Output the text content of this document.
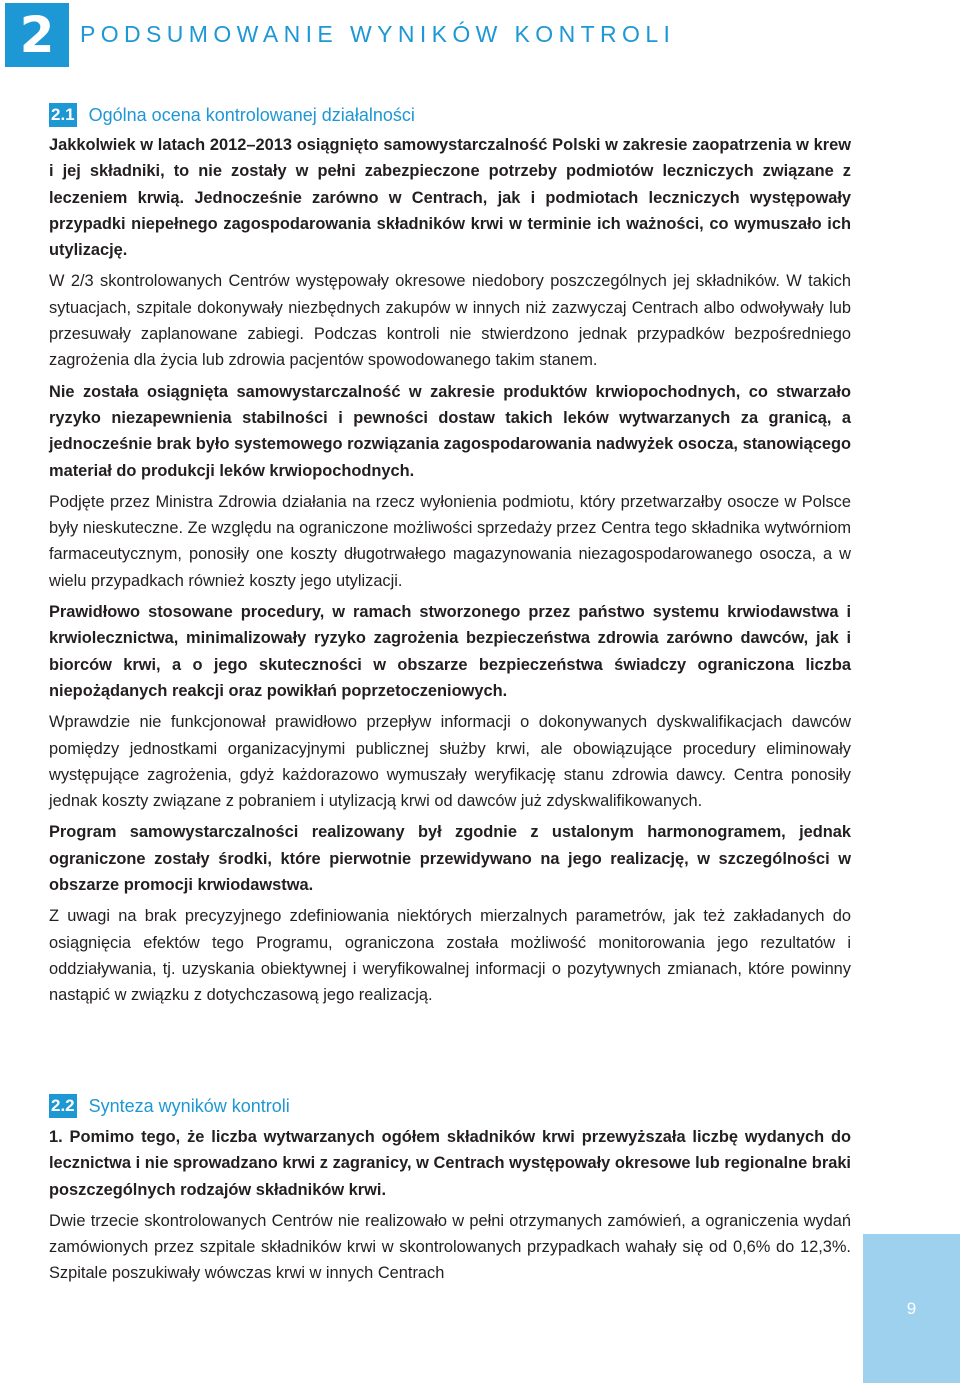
2	PODSUMOWANIE WYNIKÓW KONTROLI
2.1 Ogólna ocena kontrolowanej działalności

Jakkolwiek w latach 2012–2013 osiągnięto samowystarczalność Polski w zakresie zaopatrzenia w krew i jej składniki, to nie zostały w pełni zabezpieczone potrzeby podmiotów leczniczych związane z leczeniem krwią. Jednocześnie zarówno w Centrach, jak i podmiotach leczniczych występowały przypadki niepełnego zagospodarowania składników krwi w terminie ich ważności, co wymuszało ich utylizację.

W 2/3 skontrolowanych Centrów występowały okresowe niedobory poszczególnych jej składników. W takich sytuacjach, szpitale dokonywały niezbędnych zakupów w innych niż zazwyczaj Centrach albo odwoływały lub przesuwały zaplanowane zabiegi. Podczas kontroli nie stwierdzono jednak przypadków bezpośredniego zagrożenia dla życia lub zdrowia pacjentów spowodowanego takim stanem.

Nie została osiągnięta samowystarczalność w zakresie produktów krwiopochodnych, co stwarzało ryzyko niezapewnienia stabilności i pewności dostaw takich leków wytwarzanych za granicą, a jednocześnie brak było systemowego rozwiązania zagospodarowania nadwyżek osocza, stanowiącego materiał do produkcji leków krwiopochodnych.

Podjęte przez Ministra Zdrowia działania na rzecz wyłonienia podmiotu, który przetwarzałby osocze w Polsce były nieskuteczne. Ze względu na ograniczone możliwości sprzedaży przez Centra tego składnika wytwórniom farmaceutycznym, ponosiły one koszty długotrwałego magazynowania niezagospodarowanego osocza, a w wielu przypadkach również koszty jego utylizacji.

Prawidłowo stosowane procedury, w ramach stworzonego przez państwo systemu krwiodawstwa i krwiolecznictwa, minimalizowały ryzyko zagrożenia bezpieczeństwa zdrowia zarówno dawców, jak i biorców krwi, a o jego skuteczności w obszarze bezpieczeństwa świadczy ograniczona liczba niepożądanych reakcji oraz powikłań poprzetoczeniowych.

Wprawdzie nie funkcjonował prawidłowo przepływ informacji o dokonywanych dyskwalifikacjach dawców pomiędzy jednostkami organizacyjnymi publicznej służby krwi, ale obowiązujące procedury eliminowały występujące zagrożenia, gdyż każdorazowo wymuszały weryfikację stanu zdrowia dawcy. Centra ponosiły jednak koszty związane z pobraniem i utylizacją krwi od dawców już zdyskwalifikowanych.

Program samowystarczalności realizowany był zgodnie z ustalonym harmonogramem, jednak ograniczone zostały środki, które pierwotnie przewidywano na jego realizację, w szczególności w obszarze promocji krwiodawstwa.

Z uwagi na brak precyzyjnego zdefiniowania niektórych mierzalnych parametrów, jak też zakładanych do osiągnięcia efektów tego Programu, ograniczona została możliwość monitorowania jego rezultatów i oddziaływania, tj. uzyskania obiektywnej i weryfikowalnej informacji o pozytywnych zmianach, które powinny nastąpić w związku z dotychczasową jego realizacją.

2.2 Synteza wyników kontroli

1. Pomimo tego, że liczba wytwarzanych ogółem składników krwi przewyższała liczbę wydanych do lecznictwa i nie sprowadzano krwi z zagranicy, w Centrach występowały okresowe lub regionalne braki poszczególnych rodzajów składników krwi.

Dwie trzecie skontrolowanych Centrów nie realizowało w pełni otrzymanych zamówień, a ograniczenia wydań zamówionych przez szpitale składników krwi w skontrolowanych przypadkach wahały się od 0,6% do 12,3%. Szpitale poszukiwały wówczas krwi w innych Centrach

9
